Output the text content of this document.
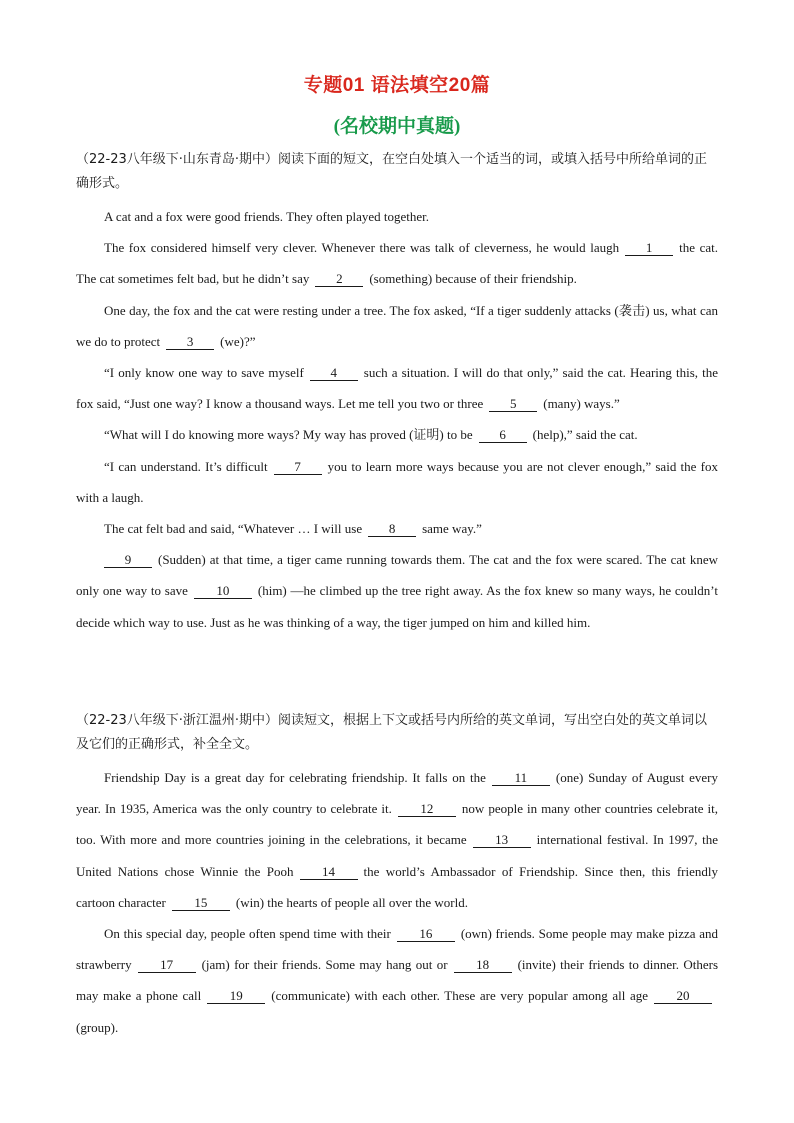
专题01 语法填空20篇
(名校期中真题)

（22-23八年级下·山东青岛·期中）阅读下面的短文，在空白处填入一个适当的词，或填入括号中所给单词的正确形式。

A cat and a fox were good friends. They often played together.

The fox considered himself very clever. Whenever there was talk of cleverness, he would laugh 1 the cat. The cat sometimes felt bad, but he didn’t say 2 (something) because of their friendship.

One day, the fox and the cat were resting under a tree. The fox asked, “If a tiger suddenly attacks (袭击) us, what can we do to protect 3 (we)?”

“I only know one way to save myself 4 such a situation. I will do that only,” said the cat. Hearing this, the fox said, “Just one way? I know a thousand ways. Let me tell you two or three 5 (many) ways.”

“What will I do knowing more ways? My way has proved (证明) to be 6 (help),” said the cat.

“I can understand. It’s difficult 7 you to learn more ways because you are not clever enough,” said the fox with a laugh.

The cat felt bad and said, “Whatever … I will use 8 same way.”

9 (Sudden) at that time, a tiger came running towards them. The cat and the fox were scared. The cat knew only one way to save 10 (him) —he climbed up the tree right away. As the fox knew so many ways, he couldn’t decide which way to use. Just as he was thinking of a way, the tiger jumped on him and killed him.

（22-23八年级下·浙江温州·期中）阅读短文，根据上下文或括号内所给的英文单词，写出空白处的英文单词以及它们的正确形式，补全全文。

Friendship Day is a great day for celebrating friendship. It falls on the 11 (one) Sunday of August every year. In 1935, America was the only country to celebrate it. 12 now people in many other countries celebrate it, too. With more and more countries joining in the celebrations, it became 13 international festival. In 1997, the United Nations chose Winnie the Pooh 14 the world’s Ambassador of Friendship. Since then, this friendly cartoon character 15 (win) the hearts of people all over the world.

On this special day, people often spend time with their 16 (own) friends. Some people may make pizza and strawberry 17 (jam) for their friends. Some may hang out or 18 (invite) their friends to dinner. Others may make a phone call 19 (communicate) with each other. These are very popular among all age 20(group).
